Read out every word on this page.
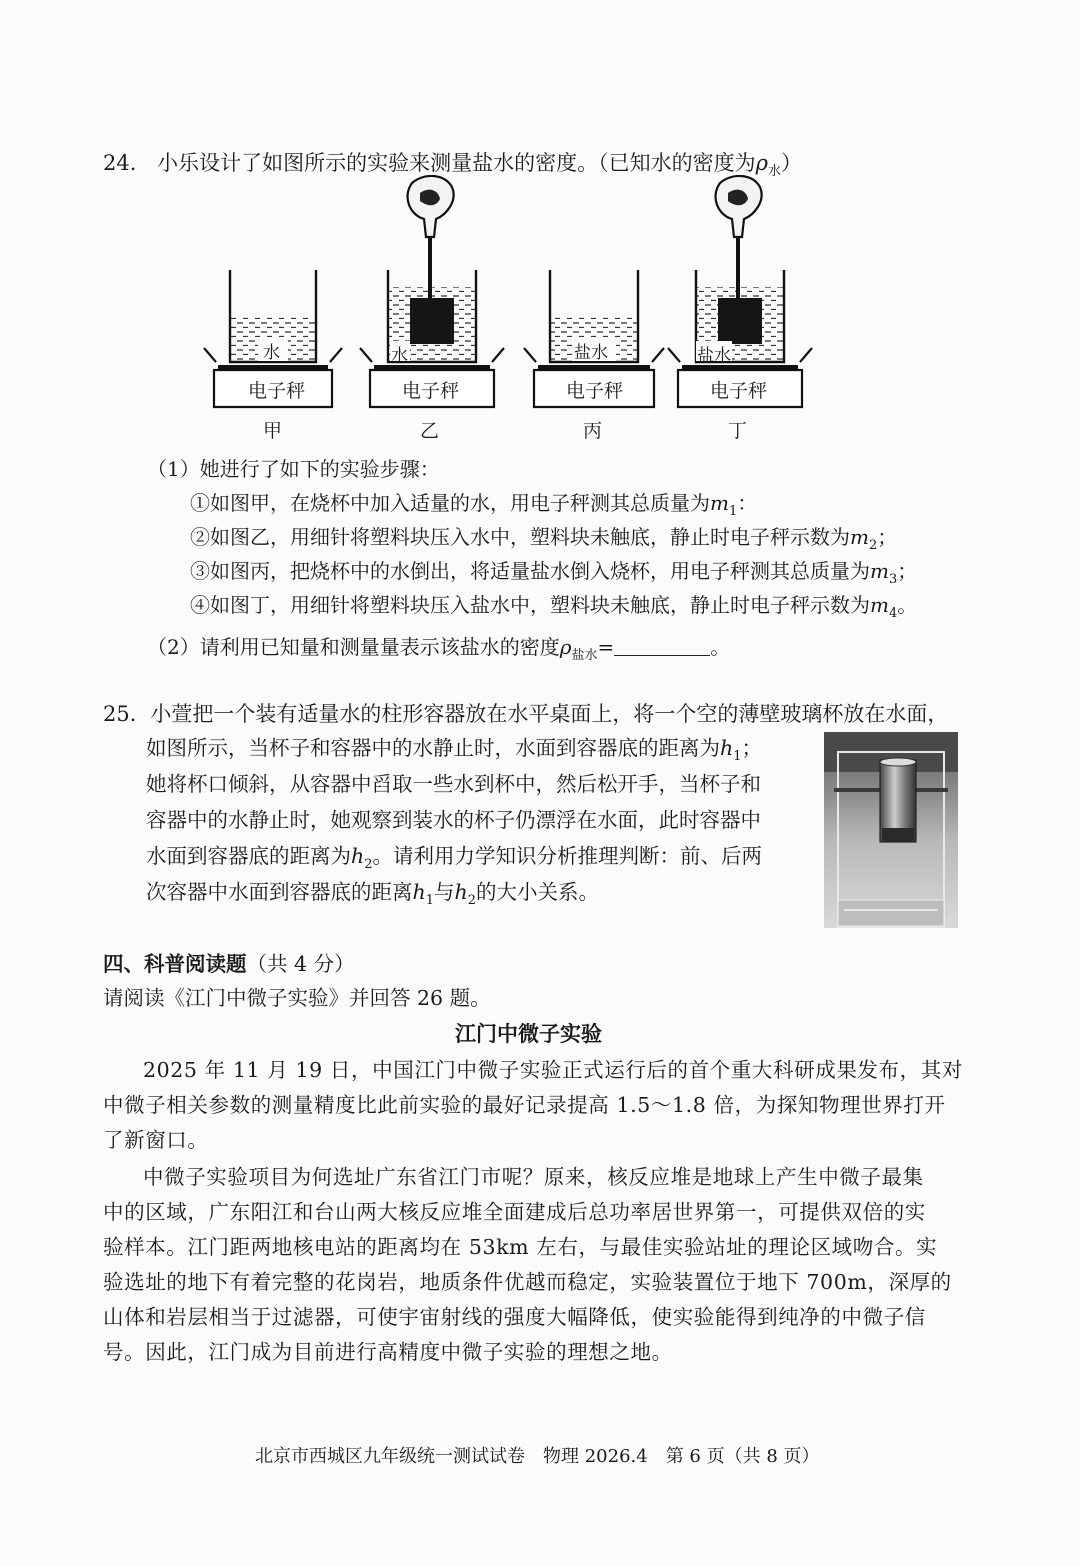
24. 小乐设计了如图所示的实验来测量盐水的密度。（已知水的密度为$\rho_水$）
电子秤	电子秤	电子秤	电子秤
水	水	盐水	盐水
甲	乙	丙	丁
（1）她进行了如下的实验步骤：
①如图甲，在烧杯中加入适量的水，用电子秤测其总质量为$m_1$：
②如图乙，用细针将塑料块压入水中，塑料块未触底，静止时电子秤示数为$m_2$；
③如图丙，把烧杯中的水倒出，将适量盐水倒入烧杯，用电子秤测其总质量为$m_3$；
④如图丁，用细针将塑料块压入盐水中，塑料块未触底，静止时电子秤示数为$m_4$。
（2）请利用已知量和测量量表示该盐水的密度$\rho_{盐水}=$	。
25. 小萱把一个装有适量水的柱形容器放在水平桌面上，将一个空的薄壁玻璃杯放在水面，
如图所示，当杯子和容器中的水静止时，水面到容器底的距离为$h_1$；
她将杯口倾斜，从容器中舀取一些水到杯中，然后松开手，当杯子和
容器中的水静止时，她观察到装水的杯子仍漂浮在水面，此时容器中
水面到容器底的距离为$h_2$。请利用力学知识分析推理判断：前、后两
次容器中水面到容器底的距离$h_1$与$h_2$的大小关系。
四、科普阅读题（共 4 分）
请阅读《江门中微子实验》并回答 26 题。
江门中微子实验
2025 年 11 月 19 日，中国江门中微子实验正式运行后的首个重大科研成果发布，其对
中微子相关参数的测量精度比此前实验的最好记录提高 1.5～1.8 倍，为探知物理世界打开
了新窗口。
中微子实验项目为何选址广东省江门市呢？原来，核反应堆是地球上产生中微子最集
中的区域，广东阳江和台山两大核反应堆全面建成后总功率居世界第一，可提供双倍的实
验样本。江门距两地核电站的距离均在 53km 左右，与最佳实验站址的理论区域吻合。实
验选址的地下有着完整的花岗岩，地质条件优越而稳定，实验装置位于地下 700m，深厚的
山体和岩层相当于过滤器，可使宇宙射线的强度大幅降低，使实验能得到纯净的中微子信
号。因此，江门成为目前进行高精度中微子实验的理想之地。
北京市西城区九年级统一测试试卷　物理 2026.4　第 6 页（共 8 页）
